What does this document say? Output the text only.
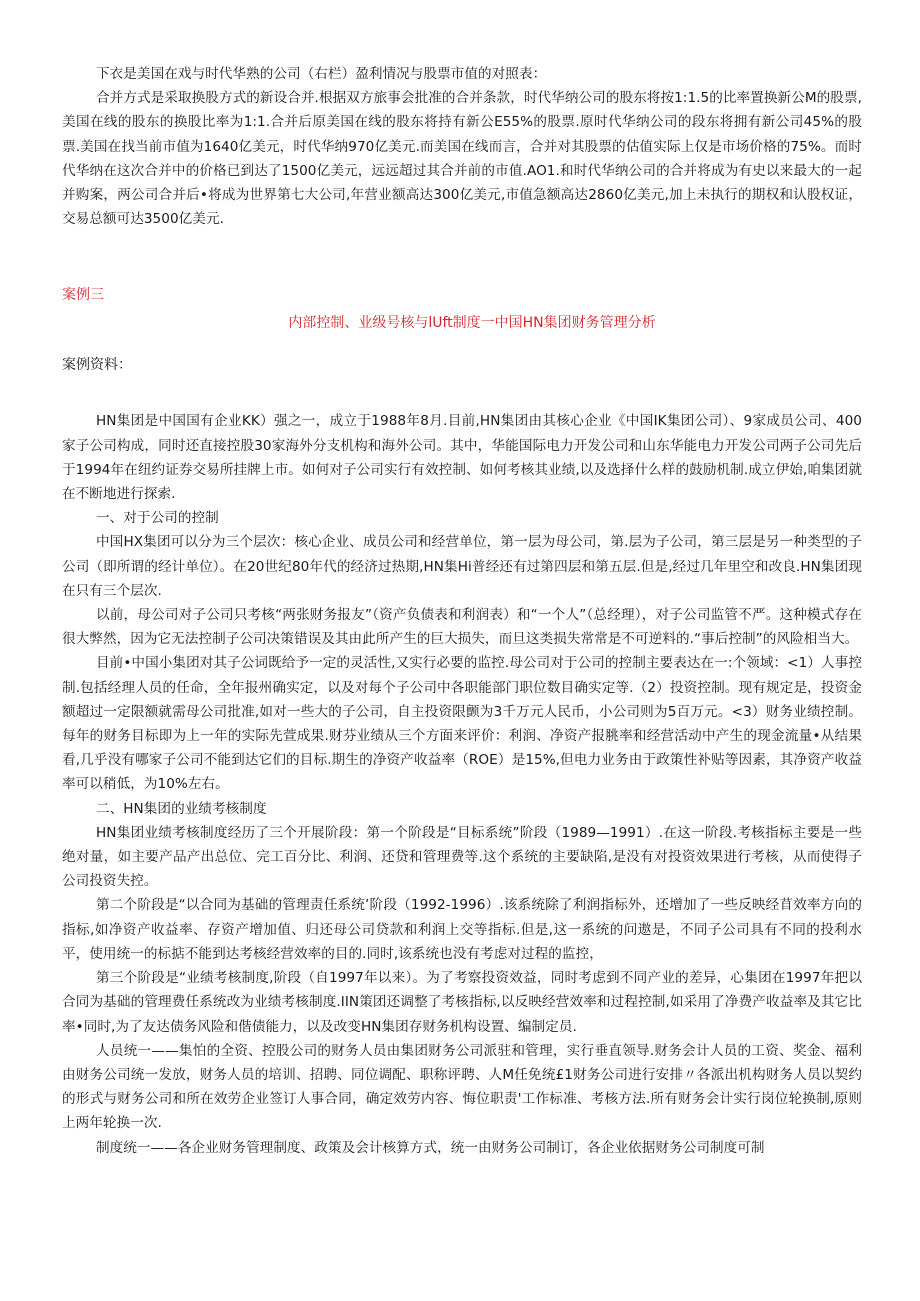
下衣是美国在戏与时代华熟的公司（右栏）盈利情况与股票市值的对照表：

合并方式是采取换股方式的新设合并.根据双方旅事会批准的合并条款，时代华纳公司的股东将按1:1.5的比率置换新公M的股票,美国在线的股东的换股比率为1:1.合并后原美国在线的股东将持有新公E55%的股票.原时代华纳公司的段东将拥有新公司45%的股票.美国在找当前市值为1640亿美元，时代华纳970亿美元.而美国在线而言，合并对其股票的估值实际上仅是市场价格的75%。而时代华纳在这次合并中的价格已到达了1500亿美元，远远超过其合并前的市值.AO1.和时代华纳公司的合并将成为有史以来最大的一起并购案，两公司合并后•将成为世界第七大公司,年营业额高达300亿美元,市值急额高达2860亿美元,加上未执行的期权和认股权证，交易总额可达3500亿美元.

案例三
内部控制、业级号核与lUft制度一中国HN集团财务管理分析
案例资料：

HN集团是中国国有企业KK）强之一，成立于1988年8月.目前,HN集团由其核心企业《中国IK集团公司）、9家成员公司、400家子公司构成，同时还直接控股30家海外分支机构和海外公司。其中，华能国际电力开发公司和山东华能电力开发公司两子公司先后于1994年在纽约证券交易所挂牌上市。如何对子公司实行有效控制、如何考核其业绩,以及选择什么样的鼓励机制.成立伊始,咱集团就在不断地进行探索.

一、对于公司的控制

中国HX集团可以分为三个层次：核心企业、成员公司和经营单位，第一层为母公司，第.层为子公司，第三层是另一种类型的子公司（即所谓的经计单位）。在20世纪80年代的经济过热期,HN集Hi普经还有过第四层和第五层.但是,经过几年里空和改良.HN集团现在只有三个层次.

以前，母公司对子公司只考核“两张财务报友”（资产负债表和利润表）和“一个人”（总经理），对子公司监管不严。这种模式存在很大弊然，因为它无法控制子公司决策错误及其由此所产生的巨大损失，而旦这类损失常常是不可逆料的.“事后控制”的风险相当大。

目前•中国小集团对其子公词既给予一定的灵活性,又实行必要的监控.母公司对于公司的控制主要表达在一:个领域：<1）人事控制.包括经理人员的任命，全年报州确实定，以及对每个子公司中各职能部门职位数目确实定等.（2）投资控制。现有规定是，投资金额超过一定限额就需母公司批准,如对一些大的子公司，自主投资限颤为3千万元人民币，小公司则为5百万元。<3）财务业绩控制。每年的财务目标即为上一年的实际先萱成果.财芬业绩从三个方面来评价：利润、净资产报脁率和经营活动中产生的现金流量•从结果看,几乎没有哪家子公司不能到达它们的目标.期生的净资产收益率（ROE）是15%,但电力业务由于政策性补贴等因素，其净资产收益率可以稍低，为10%左右。

二、HN集团的业绩考核制度

HN集团业绩考核制度经历了三个开展阶段：第一个阶段是“目标系统”阶段（1989—1991）.在这一阶段.考核指标主要是一些绝对量，如主要产品产出总位、完工百分比、利润、还贷和管理费等.这个系统的主要缺陷,是没有对投资效果进行考核，从而使得子公司投资失控。

第二个阶段是“以合同为基础的管理责任系统’阶段（1992-1996）.该系统除了利润指标外，还增加了一些反映经苜效率方向的指标,如净资产收益率、存资产增加值、归还母公司贷款和利润上交等指标.但是,这一系统的问遨是，不同子公司具有不同的投利水平，使用统一的标掂不能到达考核经营效率的目的.同时,该系统也没有考虑对过程的监控，

第三个阶段是“业绩考核制度,阶段（自1997年以来）。为了考察投资效益，同时考虑到不同产业的差异，心集团在1997年把以合同为基础的管理费任系统改为业绩考核制度.IIN策团还调整了考核指标,以反映经营效率和过程控制,如采用了净费产收益率及其它比率•同时,为了友达债务风险和偕债能力，以及改变HN集团存财务机构设置、编制定员.

人员统一——集怕的全资、控股公司的财务人员由集团财务公司派驻和管理，实行垂直领导.财务会计人员的工资、奖金、福利由财务公司统一发放，财务人员的培训、招聘、同位调配、职称评聘、人M任免统£1财务公司进行安排〃各派出机构财务人员以契约的形式与财务公司和所在效劳企业签订人事合同，确定效劳内容、悔位职责'工作标准、考核方法.所有财务会计实行岗位轮换制,原则上两年轮换一次.

制度统一——各企业财务管理制度、政策及会计核算方式，统一由财务公司制订，各企业依据财务公司制度可制
